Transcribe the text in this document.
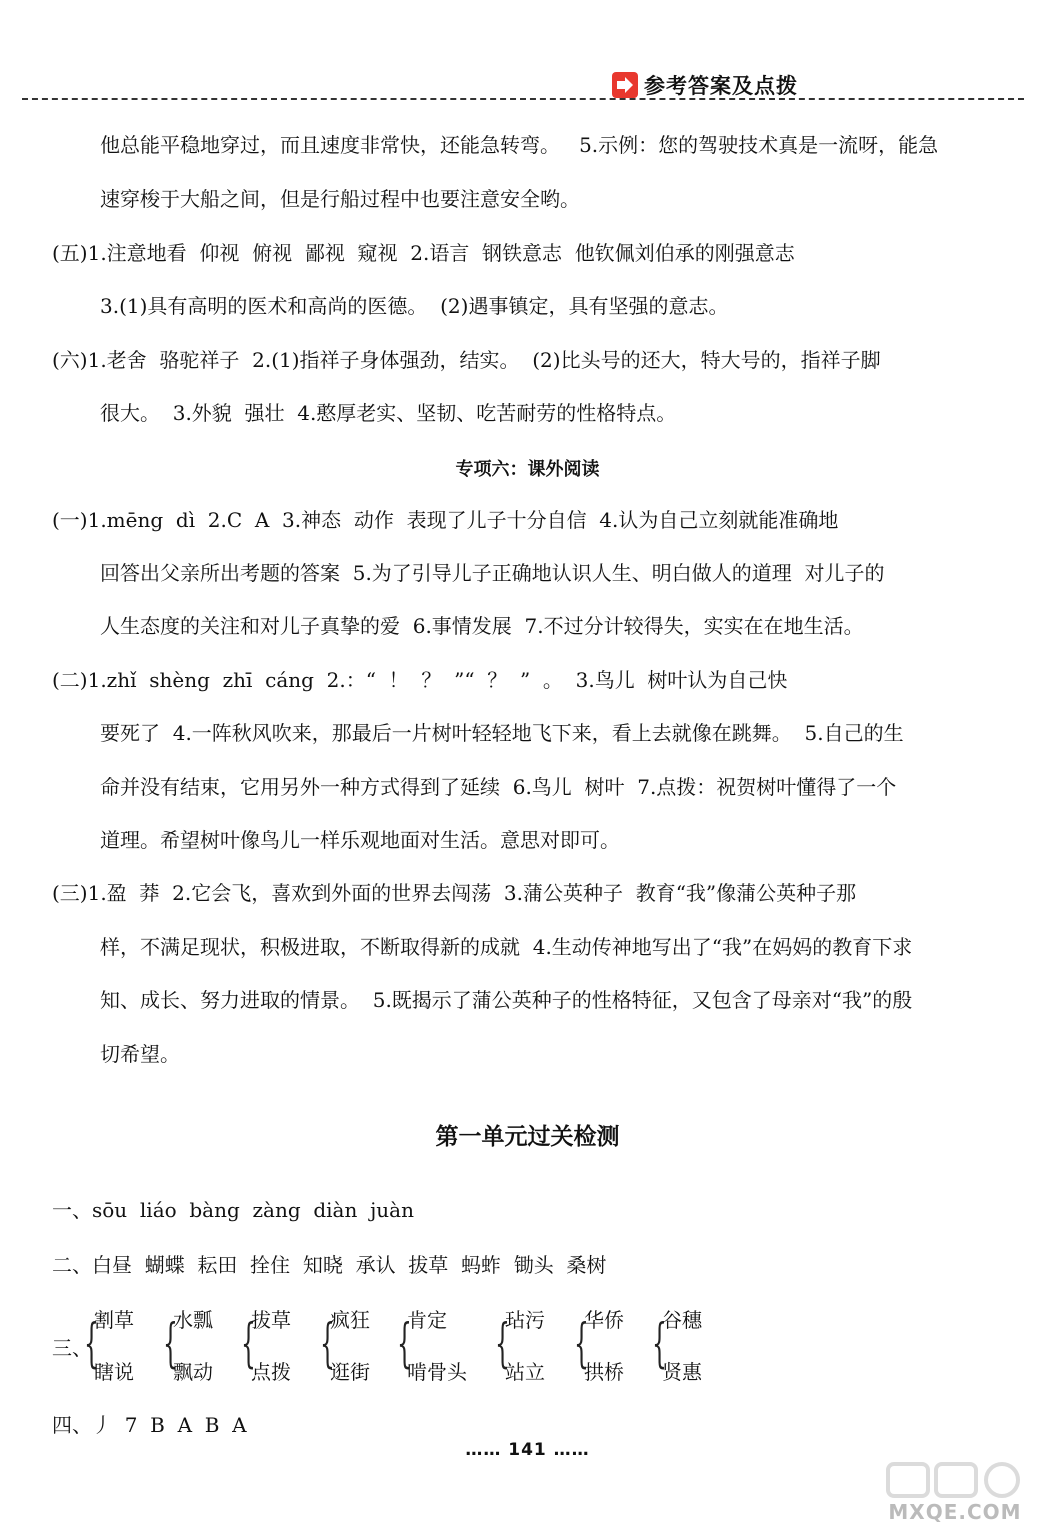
参考答案及点拨
他总能平稳地穿过，而且速度非常快，还能急转弯。   5.示例：您的驾驶技术真是一流呀，能急
速穿梭于大船之间，但是行船过程中也要注意安全哟。
(五)1.注意地看  仰视  俯视  鄙视  窥视  2.语言  钢铁意志  他钦佩刘伯承的刚强意志
3.(1)具有高明的医术和高尚的医德。  (2)遇事镇定，具有坚强的意志。
(六)1.老舍  骆驼祥子  2.(1)指祥子身体强劲，结实。  (2)比头号的还大，特大号的，指祥子脚
很大。  3.外貌  强壮  4.憨厚老实、坚韧、吃苦耐劳的性格特点。
专项六：课外阅读
(一)1.mēng  dì  2.C  A  3.神态  动作  表现了儿子十分自信  4.认为自己立刻就能准确地
回答出父亲所出考题的答案  5.为了引导儿子正确地认识人生、明白做人的道理  对儿子的
人生态度的关注和对儿子真挚的爱  6.事情发展  7.不过分计较得失，实实在在地生活。
(二)1.zhǐ  shèng  zhī  cáng  2.：“  ！  ？  ”“  ？  ”  。  3.鸟儿  树叶认为自己快
要死了  4.一阵秋风吹来，那最后一片树叶轻轻地飞下来，看上去就像在跳舞。  5.自己的生
命并没有结束，它用另外一种方式得到了延续  6.鸟儿  树叶  7.点拨：祝贺树叶懂得了一个
道理。希望树叶像鸟儿一样乐观地面对生活。意思对即可。
(三)1.盈  莽  2.它会飞，喜欢到外面的世界去闯荡  3.蒲公英种子  教育“我”像蒲公英种子那
样，不满足现状，积极进取，不断取得新的成就  4.生动传神地写出了“我”在妈妈的教育下求
知、成长、努力进取的情景。  5.既揭示了蒲公英种子的性格特征，又包含了母亲对“我”的殷
切希望。
第一单元过关检测
一、sōu  liáo  bàng  zàng  diàn  juàn
二、白昼  蝴蝶  耘田  拴住  知晓  承认  拔草  蚂蚱  锄头  桑树
三、
{
割草
瞎说 {
水瓢
飘动 {
拔草
点拨 {
疯狂
逛街 {
肯定
啃骨头 {
玷污
站立 {
华侨
拱桥 {
谷穗
贤惠
四、丿  7  B  A  B  A
…… 141 ……
MXQE.COM
